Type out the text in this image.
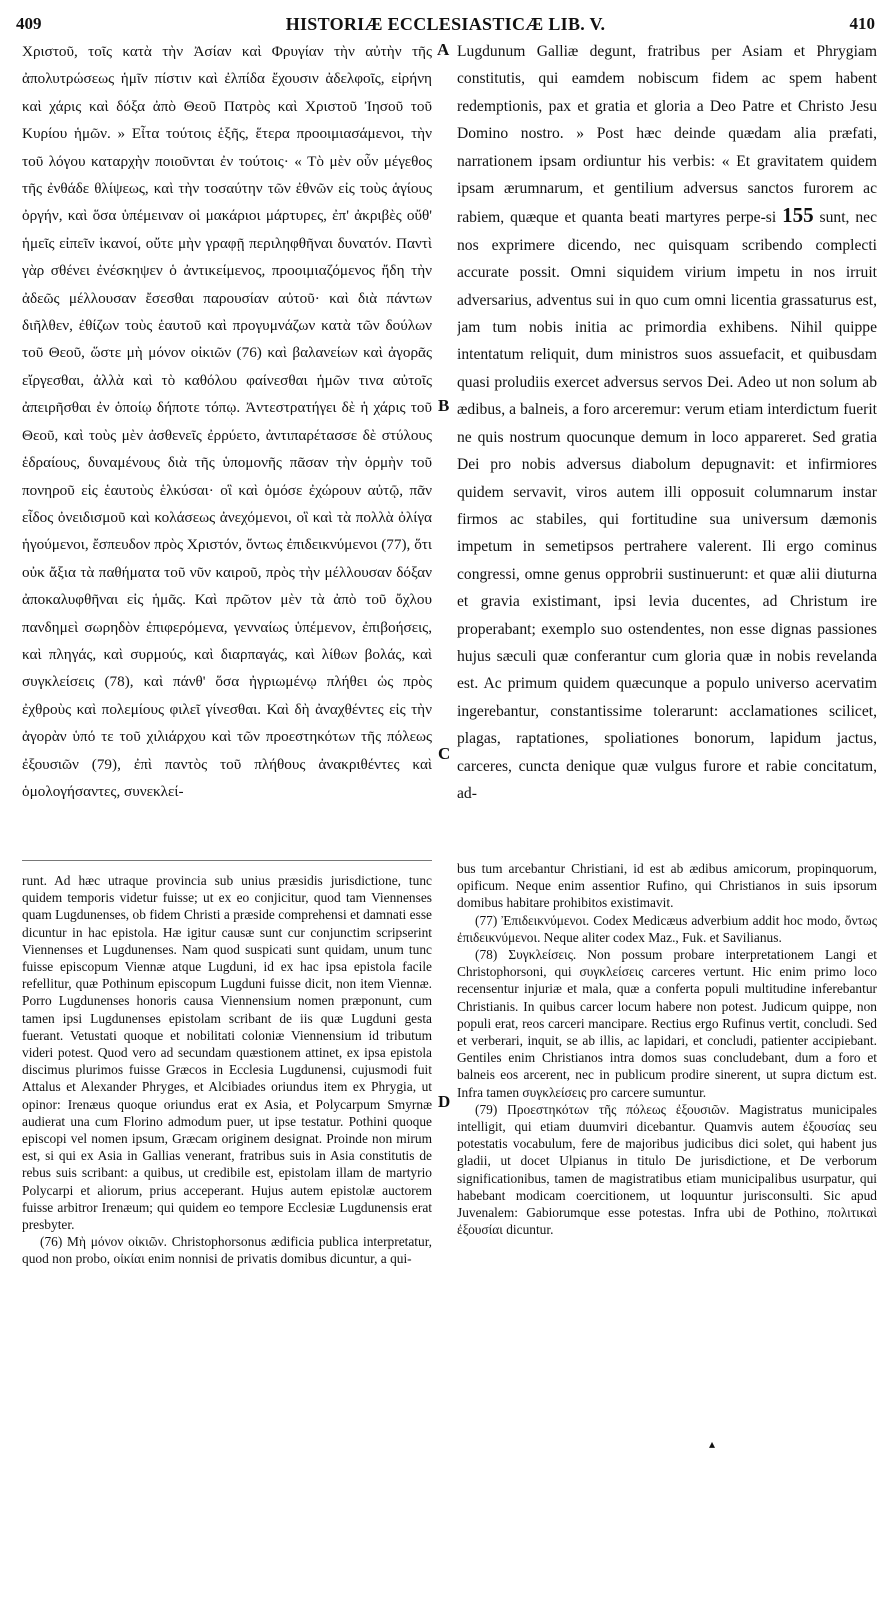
409	HISTORIÆ ECCLESIASTICÆ LIB. V.	410
A
B
C
D

Χριστοῦ, τοῖς κατὰ τὴν Ἀσίαν καὶ Φρυγίαν τὴν αὐτὴν τῆς ἀπολυτρώσεως ἡμῖν πίστιν καὶ ἐλπίδα ἔχουσιν ἀδελφοῖς, εἰρήνη καὶ χάρις καὶ δόξα ἀπὸ Θεοῦ Πατρὸς καὶ Χριστοῦ Ἰησοῦ τοῦ Κυρίου ἡμῶν. » Εἶτα τούτοις ἑξῆς, ἕτερα προοιμιασάμενοι, τὴν τοῦ λόγου καταρχὴν ποιοῦνται ἐν τούτοις· « Τὸ μὲν οὖν μέγεθος τῆς ἐνθάδε θλίψεως, καὶ τὴν τοσαύτην τῶν ἐθνῶν εἰς τοὺς ἁγίους ὀργήν, καὶ ὅσα ὑπέμειναν οἱ μακάριοι μάρτυρες, ἐπ' ἀκριβὲς οὔθ' ἡμεῖς εἰπεῖν ἱκανοί, οὔτε μὴν γραφῇ περιληφθῆναι δυνατόν. Παντὶ γὰρ σθένει ἐνέσκηψεν ὁ ἀντικείμενος, προοιμιαζόμενος ἤδη τὴν ἀδεῶς μέλλουσαν ἔσεσθαι παρουσίαν αὐτοῦ· καὶ διὰ πάντων διῆλθεν, ἐθίζων τοὺς ἑαυτοῦ καὶ προγυμνάζων κατὰ τῶν δούλων τοῦ Θεοῦ, ὥστε μὴ μόνον οἰκιῶν (76) καὶ βαλανείων καὶ ἀγορᾶς εἴργεσθαι, ἀλλὰ καὶ τὸ καθόλου φαίνεσθαι ἡμῶν τινα αὐτοῖς ἀπειρῆσθαι ἐν ὁποίῳ δήποτε τόπῳ. Ἀντεστρατήγει δὲ ἡ χάρις τοῦ Θεοῦ, καὶ τοὺς μὲν ἀσθενεῖς ἐρρύετο, ἀντιπαρέτασσε δὲ στύλους ἑδραίους, δυναμένους διὰ τῆς ὑπομονῆς πᾶσαν τὴν ὁρμὴν τοῦ πονηροῦ εἰς ἑαυτοὺς ἑλκύσαι· οἳ καὶ ὁμόσε ἐχώρουν αὐτῷ, πᾶν εἶδος ὀνειδισμοῦ καὶ κολάσεως ἀνεχόμενοι, οἳ καὶ τὰ πολλὰ ὀλίγα ἡγούμενοι, ἔσπευδον πρὸς Χριστόν, ὄντως ἐπιδεικνύμενοι (77), ὅτι οὐκ ἄξια τὰ παθήματα τοῦ νῦν καιροῦ, πρὸς τὴν μέλλουσαν δόξαν ἀποκαλυφθῆναι εἰς ἡμᾶς. Καὶ πρῶτον μὲν τὰ ἀπὸ τοῦ ὄχλου πανδημεὶ σωρηδὸν ἐπιφερόμενα, γενναίως ὑπέμενον, ἐπιβοήσεις, καὶ πληγάς, καὶ συρμούς, καὶ διαρπαγάς, καὶ λίθων βολάς, καὶ συγκλείσεις (78), καὶ πάνθ' ὅσα ἠγριωμένῳ πλήθει ὡς πρὸς ἐχθροὺς καὶ πολεμίους φιλεῖ γίνεσθαι. Καὶ δὴ ἀναχθέντες εἰς τὴν ἀγορὰν ὑπό τε τοῦ χιλιάρχου καὶ τῶν προεστηκότων τῆς πόλεως ἐξουσιῶν (79), ἐπὶ παντὸς τοῦ πλήθους ἀνακριθέντες καὶ ὁμολογήσαντες, συνεκλεί-

Lugdunum Galliæ degunt, fratribus per Asiam et Phrygiam constitutis, qui eamdem nobiscum fidem ac spem habent redemptionis, pax et gratia et gloria a Deo Patre et Christo Jesu Domino nostro. » Post hæc deinde quædam alia præfati, narrationem ipsam ordiuntur his verbis: « Et gravitatem quidem ipsam ærumnarum, et gentilium adversus sanctos furorem ac rabiem, quæque et quanta beati martyres perpe-si 155 sunt, nec nos exprimere dicendo, nec quisquam scribendo complecti accurate possit. Omni siquidem virium impetu in nos irruit adversarius, adventus sui in quo cum omni licentia grassaturus est, jam tum nobis initia ac primordia exhibens. Nihil quippe intentatum reliquit, dum ministros suos assuefacit, et quibusdam quasi proludiis exercet adversus servos Dei. Adeo ut non solum ab ædibus, a balneis, a foro arceremur: verum etiam interdictum fuerit ne quis nostrum quocunque demum in loco appareret. Sed gratia Dei pro nobis adversus diabolum depugnavit: et infirmiores quidem servavit, viros autem illi opposuit columnarum instar firmos ac stabiles, qui fortitudine sua universum dæmonis impetum in semetipsos pertrahere valerent. Ili ergo cominus congressi, omne genus opprobrii sustinuerunt: et quæ alii diuturna et gravia existimant, ipsi levia ducentes, ad Christum ire properabant; exemplo suo ostendentes, non esse dignas passiones hujus sæculi quæ conferantur cum gloria quæ in nobis revelanda est. Ac primum quidem quæcunque a populo universo acervatim ingerebantur, constantissime tolerarunt: acclamationes scilicet, plagas, raptationes, spoliationes bonorum, lapidum jactus, carceres, cuncta denique quæ vulgus furore et rabie concitatum, ad-

runt. Ad hæc utraque provincia sub unius præsidis jurisdictione, tunc quidem temporis videtur fuisse; ut ex eo conjicitur, quod tam Viennenses quam Lugdunenses, ob fidem Christi a præside comprehensi et damnati esse dicuntur in hac epistola. Hæ igitur causæ sunt cur conjunctim scripserint Viennenses et Lugdunenses. Nam quod suspicati sunt quidam, unum tunc fuisse episcopum Viennæ atque Lugduni, id ex hac ipsa epistola facile refellitur, quæ Pothinum episcopum Lugduni fuisse dicit, non item Viennæ. Porro Lugdunenses honoris causa Viennensium nomen præponunt, cum tamen ipsi Lugdunenses epistolam scribant de iis quæ Lugduni gesta fuerant. Vetustati quoque et nobilitati coloniæ Viennensium id tributum videri potest. Quod vero ad secundam quæstionem attinet, ex ipsa epistola discimus plurimos fuisse Græcos in Ecclesia Lugdunensi, cujusmodi fuit Attalus et Alexander Phryges, et Alcibiades oriundus item ex Phrygia, ut opinor: Irenæus quoque oriundus erat ex Asia, et Polycarpum Smyrnæ audierat una cum Florino admodum puer, ut ipse testatur. Pothini quoque episcopi vel nomen ipsum, Græcam originem designat. Proinde non mirum est, si qui ex Asia in Gallias venerant, fratribus suis in Asia constitutis de rebus suis scribant: a quibus, ut credibile est, epistolam illam de martyrio Polycarpi et aliorum, prius acceperant. Hujus autem epistolæ auctorem fuisse arbitror Irenæum; qui quidem eo tempore Ecclesiæ Lugdunensis erat presbyter.

(76) Μὴ μόνον οἰκιῶν. Christophorsonus ædificia publica interpretatur, quod non probo, οἰκίαι enim nonnisi de privatis domibus dicuntur, a qui-

bus tum arcebantur Christiani, id est ab ædibus amicorum, propinquorum, opificum. Neque enim assentior Rufino, qui Christianos in suis ipsorum domibus habitare prohibitos existimavit.

(77) Ἐπιδεικνύμενοι. Codex Medicæus adverbium addit hoc modo, ὄντως ἐπιδεικνύμενοι. Neque aliter codex Maz., Fuk. et Savilianus.

(78) Συγκλείσεις. Non possum probare interpretationem Langi et Christophorsoni, qui συγκλείσεις carceres vertunt. Hic enim primo loco recensentur injuriæ et mala, quæ a conferta populi multitudine inferebantur Christianis. In quibus carcer locum habere non potest. Judicum quippe, non populi erat, reos carceri mancipare. Rectius ergo Rufinus vertit, concludi. Sed et verberari, inquit, se ab illis, ac lapidari, et concludi, patienter accipiebant. Gentiles enim Christianos intra domos suas concludebant, dum a foro et balneis eos arcerent, nec in publicum prodire sinerent, ut supra dictum est. Infra tamen συγκλείσεις pro carcere sumuntur.

(79) Προεστηκότων τῆς πόλεως ἐξουσιῶν. Magistratus municipales intelligit, qui etiam duumviri dicebantur. Quamvis autem ἐξουσίας seu potestatis vocabulum, fere de majoribus judicibus dici solet, qui habent jus gladii, ut docet Ulpianus in titulo De jurisdictione, et De verborum significationibus, tamen de magistratibus etiam municipalibus usurpatur, qui habebant modicam coercitionem, ut loquuntur jurisconsulti. Sic apud Juvenalem: Gabiorumque esse potestas. Infra ubi de Pothino, πολιτικαὶ ἐξουσίαι dicuntur.

▴
